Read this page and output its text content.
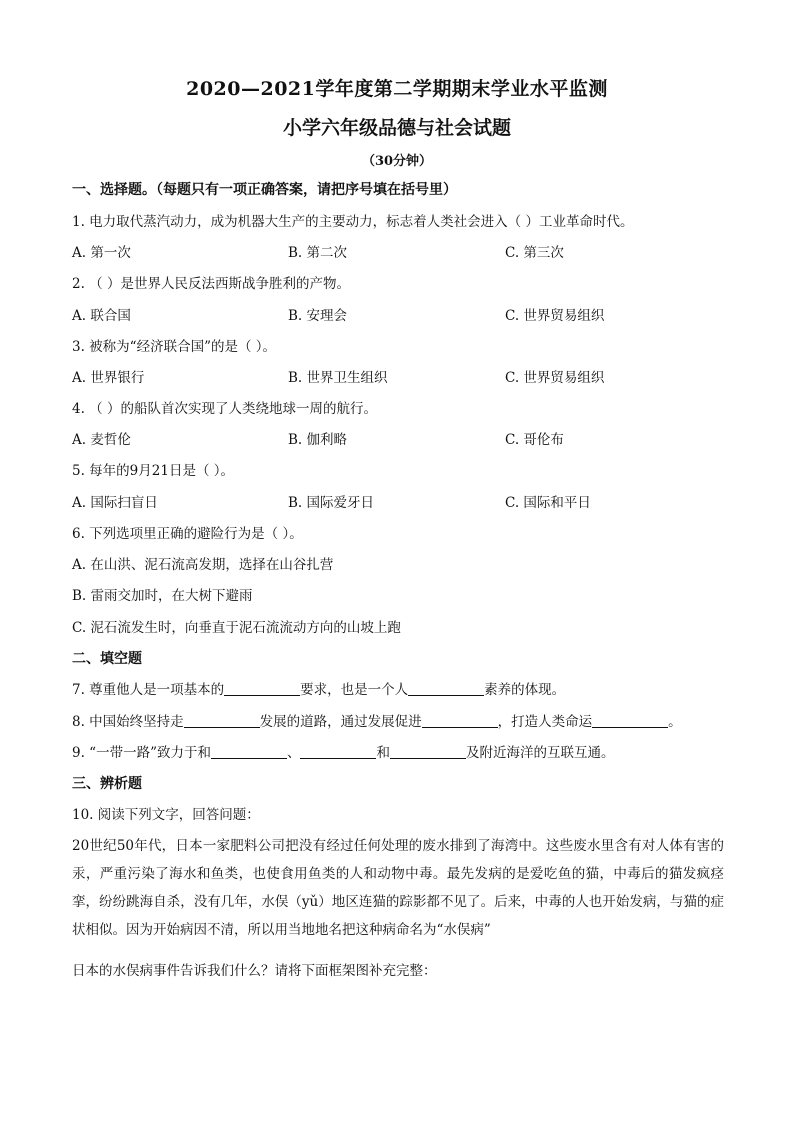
2020—2021学年度第二学期期末学业水平监测
小学六年级品德与社会试题
（30分钟）
一、选择题。（每题只有一项正确答案，请把序号填在括号里）
1. 电力取代蒸汽动力，成为机器大生产的主要动力，标志着人类社会进入（ ）工业革命时代。
A. 第一次	B. 第二次	C. 第三次
2. （ ）是世界人民反法西斯战争胜利的产物。
A. 联合国	B. 安理会	C. 世界贸易组织
3. 被称为“经济联合国”的是（ ）。
A. 世界银行	B. 世界卫生组织	C. 世界贸易组织
4. （ ）的船队首次实现了人类绕地球一周的航行。
A. 麦哲伦	B. 伽利略	C. 哥伦布
5. 每年的9月21日是（ ）。
A. 国际扫盲日	B. 国际爱牙日	C. 国际和平日
6. 下列选项里正确的避险行为是（ ）。
A. 在山洪、泥石流高发期，选择在山谷扎营
B. 雷雨交加时，在大树下避雨
C. 泥石流发生时，向垂直于泥石流流动方向的山坡上跑
二、填空题
7. 尊重他人是一项基本的	要求，也是一个人	素养的体现。
8. 中国始终坚持走	发展的道路，通过发展促进	，打造人类命运	。
9. “一带一路”致力于和	、	和	及附近海洋的互联互通。
三、辨析题
10. 阅读下列文字，回答问题：
20世纪50年代，日本一家肥料公司把没有经过任何处理的废水排到了海湾中。这些废水里含有对人体有害的汞，严重污染了海水和鱼类，也使食用鱼类的人和动物中毒。最先发病的是爱吃鱼的猫，中毒后的猫发疯痉挛，纷纷跳海自杀，没有几年，水俣（yǔ）地区连猫的踪影都不见了。后来，中毒的人也开始发病，与猫的症状相似。因为开始病因不清，所以用当地地名把这种病命名为“水俣病”
日本的水俣病事件告诉我们什么？请将下面框架图补充完整：
